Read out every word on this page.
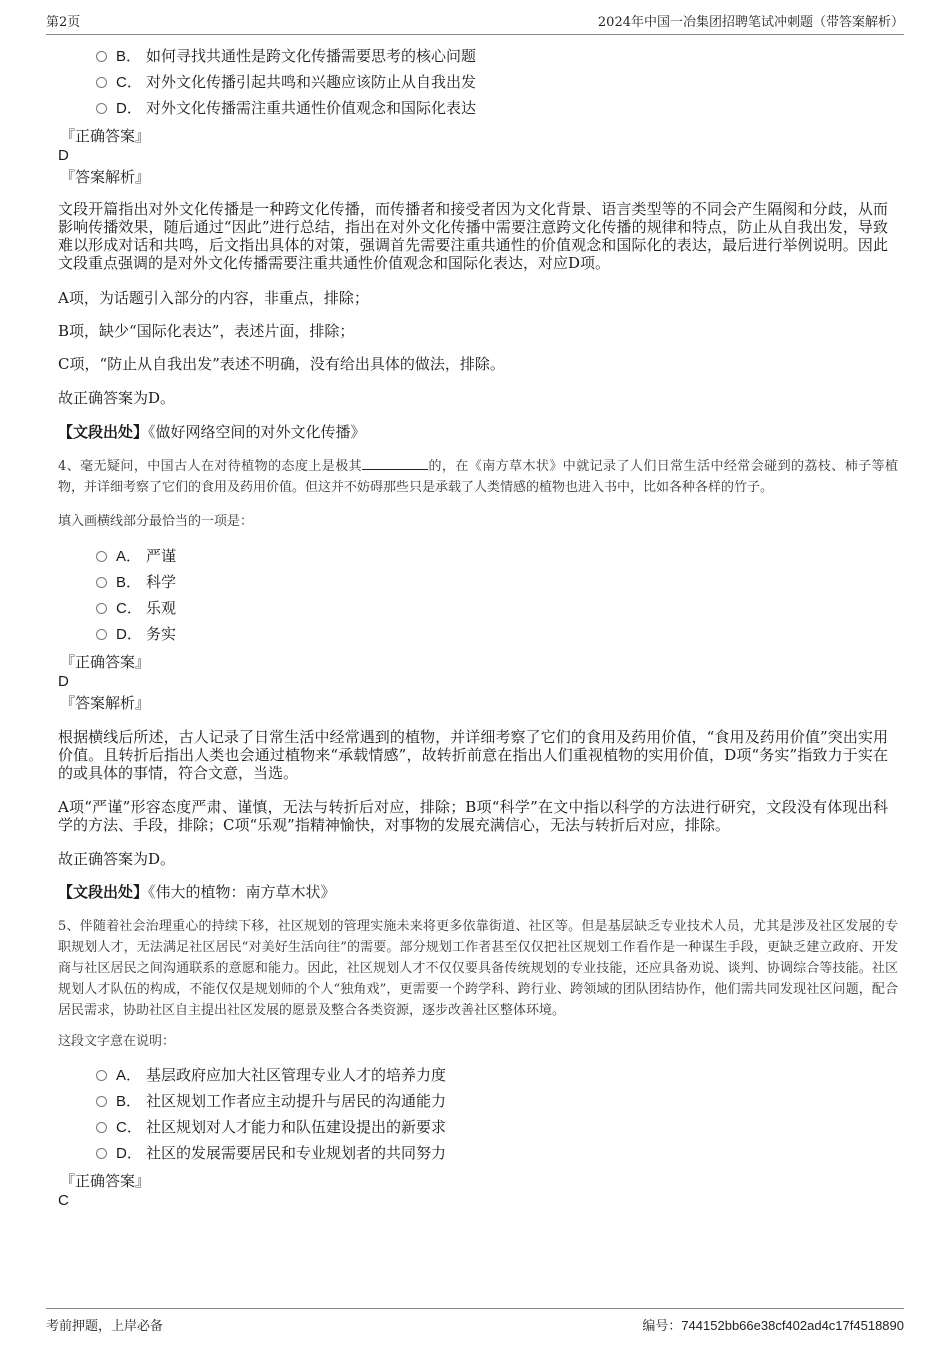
第2页	2024年中国一冶集团招聘笔试冲刺题（带答案解析）
B． 如何寻找共通性是跨文化传播需要思考的核心问题
C． 对外文化传播引起共鸣和兴趣应该防止从自我出发
D． 对外文化传播需注重共通性价值观念和国际化表达
『正确答案』
D
『答案解析』
文段开篇指出对外文化传播是一种跨文化传播，而传播者和接受者因为文化背景、语言类型等的不同会产生隔阂和分歧，从而影响传播效果，随后通过“因此”进行总结，指出在对外文化传播中需要注意跨文化传播的规律和特点，防止从自我出发，导致难以形成对话和共鸣，后文指出具体的对策，强调首先需要注重共通性的价值观念和国际化的表达，最后进行举例说明。因此文段重点强调的是对外文化传播需要注重共通性价值观念和国际化表达，对应D项。
A项，为话题引入部分的内容，非重点，排除；
B项，缺少“国际化表达”，表述片面，排除；
C项，“防止从自我出发”表述不明确，没有给出具体的做法，排除。
故正确答案为D。
【文段出处】《做好网络空间的对外文化传播》
4、毫无疑问，中国古人在对待植物的态度上是极其	的，在《南方草木状》中就记录了人们日常生活中经常会碰到的荔枝、柿子等植物，并详细考察了它们的食用及药用价值。但这并不妨碍那些只是承载了人类情感的植物也进入书中，比如各种各样的竹子。
填入画横线部分最恰当的一项是：
A． 严谨
B． 科学
C． 乐观
D． 务实
『正确答案』
D
『答案解析』
根据横线后所述，古人记录了日常生活中经常遇到的植物，并详细考察了它们的食用及药用价值，“食用及药用价值”突出实用价值。且转折后指出人类也会通过植物来“承载情感”，故转折前意在指出人们重视植物的实用价值，D项“务实”指致力于实在的或具体的事情，符合文意，当选。
A项“严谨”形容态度严肃、谨慎，无法与转折后对应，排除；B项“科学”在文中指以科学的方法进行研究，文段没有体现出科学的方法、手段，排除；C项“乐观”指精神愉快，对事物的发展充满信心，无法与转折后对应，排除。
故正确答案为D。
【文段出处】《伟大的植物：南方草木状》
5、伴随着社会治理重心的持续下移，社区规划的管理实施未来将更多依靠街道、社区等。但是基层缺乏专业技术人员，尤其是涉及社区发展的专职规划人才，无法满足社区居民“对美好生活向往”的需要。部分规划工作者甚至仅仅把社区规划工作看作是一种谋生手段，更缺乏建立政府、开发商与社区居民之间沟通联系的意愿和能力。因此，社区规划人才不仅仅要具备传统规划的专业技能，还应具备劝说、谈判、协调综合等技能。社区规划人才队伍的构成，不能仅仅是规划师的个人“独角戏”，更需要一个跨学科、跨行业、跨领域的团队团结协作，他们需共同发现社区问题，配合居民需求，协助社区自主提出社区发展的愿景及整合各类资源，逐步改善社区整体环境。
这段文字意在说明：
A． 基层政府应加大社区管理专业人才的培养力度
B． 社区规划工作者应主动提升与居民的沟通能力
C． 社区规划对人才能力和队伍建设提出的新要求
D． 社区的发展需要居民和专业规划者的共同努力
『正确答案』
C
考前押题，上岸必备	编号：744152bb66e38cf402ad4c17f4518890
